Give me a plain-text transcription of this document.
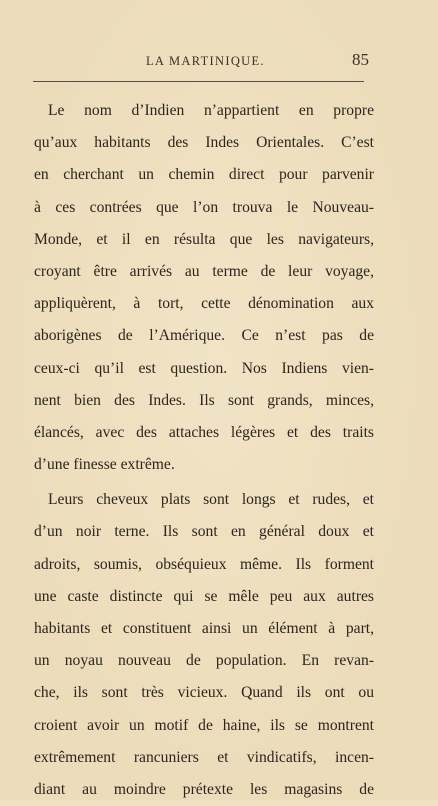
LA MARTINIQUE.	85
Le nom d’Indien n’appartient en propre
qu’aux habitants des Indes Orientales. C’est
en cherchant un chemin direct pour parvenir
à ces contrées que l’on trouva le Nouveau-
Monde, et il en résulta que les navigateurs,
croyant être arrivés au terme de leur voyage,
appliquèrent, à tort, cette dénomination aux
aborigènes de l’Amérique. Ce n’est pas de
ceux-ci qu’il est question. Nos Indiens vien-
nent bien des Indes. Ils sont grands, minces,
élancés, avec des attaches légères et des traits
d’une finesse extrême.
Leurs cheveux plats sont longs et rudes, et
d’un noir terne. Ils sont en général doux et
adroits, soumis, obséquieux même. Ils forment
une caste distincte qui se mêle peu aux autres
habitants et constituent ainsi un élément à part,
un noyau nouveau de population. En revan-
che, ils sont très vicieux. Quand ils ont ou
croient avoir un motif de haine, ils se montrent
extrêmement rancuniers et vindicatifs, incen-
diant au moindre prétexte les magasins de
